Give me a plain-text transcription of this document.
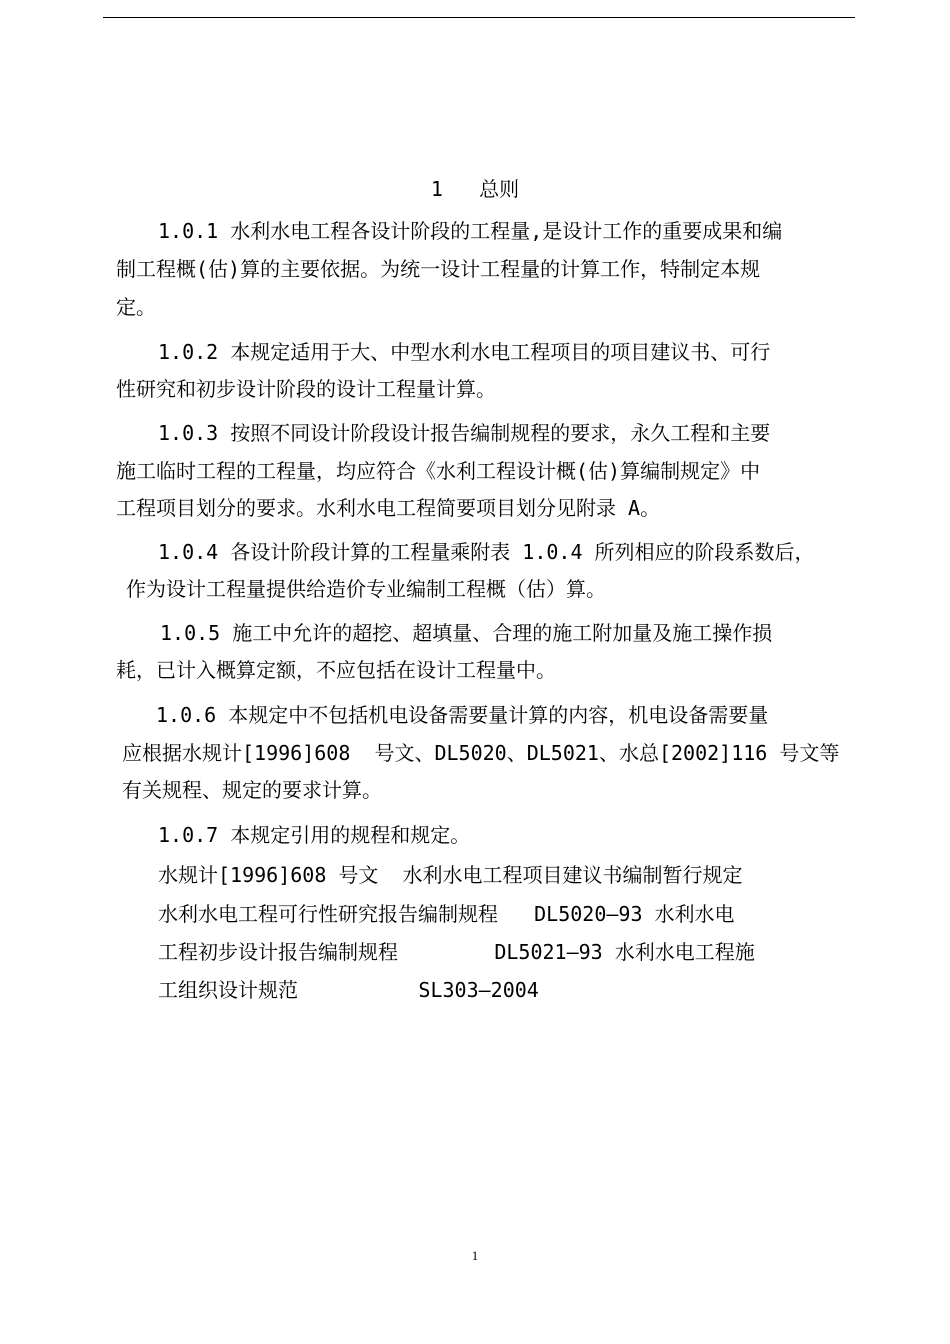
1   总则
1.0.1 水利水电工程各设计阶段的工程量,是设计工作的重要成果和编
制工程概(估)算的主要依据。为统一设计工程量的计算工作，特制定本规
定。
1.0.2 本规定适用于大、中型水利水电工程项目的项目建议书、可行
性研究和初步设计阶段的设计工程量计算。
1.0.3 按照不同设计阶段设计报告编制规程的要求，永久工程和主要
施工临时工程的工程量，均应符合《水利工程设计概(估)算编制规定》中
工程项目划分的要求。水利水电工程简要项目划分见附录 A。
1.0.4 各设计阶段计算的工程量乘附表 1.0.4 所列相应的阶段系数后，
作为设计工程量提供给造价专业编制工程概（估）算。
1.0.5 施工中允许的超挖、超填量、合理的施工附加量及施工操作损
耗，已计入概算定额，不应包括在设计工程量中。
1.0.6 本规定中不包括机电设备需要量计算的内容，机电设备需要量
应根据水规计[1996]608  号文、DL5020、DL5021、水总[2002]116 号文等
有关规程、规定的要求计算。
1.0.7 本规定引用的规程和规定。
水规计[1996]608 号文  水利水电工程项目建议书编制暂行规定
水利水电工程可行性研究报告编制规程   DL5020—93 水利水电
工程初步设计报告编制规程        DL5021—93 水利水电工程施
工组织设计规范          SL303—2004
1
